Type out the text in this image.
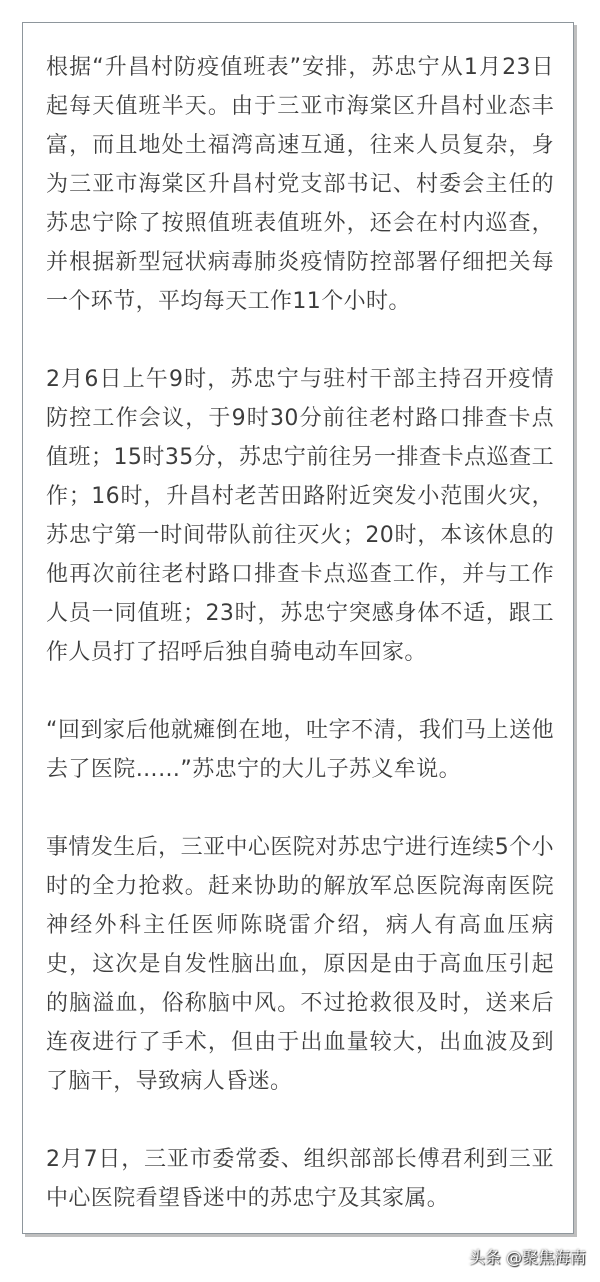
根据“升昌村防疫值班表”安排，苏忠宁从1月23日起每天值班半天。由于三亚市海棠区升昌村业态丰富，而且地处土福湾高速互通，往来人员复杂，身为三亚市海棠区升昌村党支部书记、村委会主任的苏忠宁除了按照值班表值班外，还会在村内巡查，并根据新型冠状病毒肺炎疫情防控部署仔细把关每一个环节，平均每天工作11个小时。

2月6日上午9时，苏忠宁与驻村干部主持召开疫情防控工作会议，于9时30分前往老村路口排查卡点值班；15时35分，苏忠宁前往另一排查卡点巡查工作；16时，升昌村老苦田路附近突发小范围火灾，苏忠宁第一时间带队前往灭火；20时，本该休息的他再次前往老村路口排查卡点巡查工作，并与工作人员一同值班；23时，苏忠宁突感身体不适，跟工作人员打了招呼后独自骑电动车回家。

“回到家后他就瘫倒在地，吐字不清，我们马上送他去了医院……”苏忠宁的大儿子苏义牟说。

事情发生后，三亚中心医院对苏忠宁进行连续5个小时的全力抢救。赶来协助的解放军总医院海南医院神经外科主任医师陈晓雷介绍，病人有高血压病史，这次是自发性脑出血，原因是由于高血压引起的脑溢血，俗称脑中风。不过抢救很及时，送来后连夜进行了手术，但由于出血量较大，出血波及到了脑干，导致病人昏迷。

2月7日，三亚市委常委、组织部部长傅君利到三亚中心医院看望昏迷中的苏忠宁及其家属。

头条 @聚焦海南
